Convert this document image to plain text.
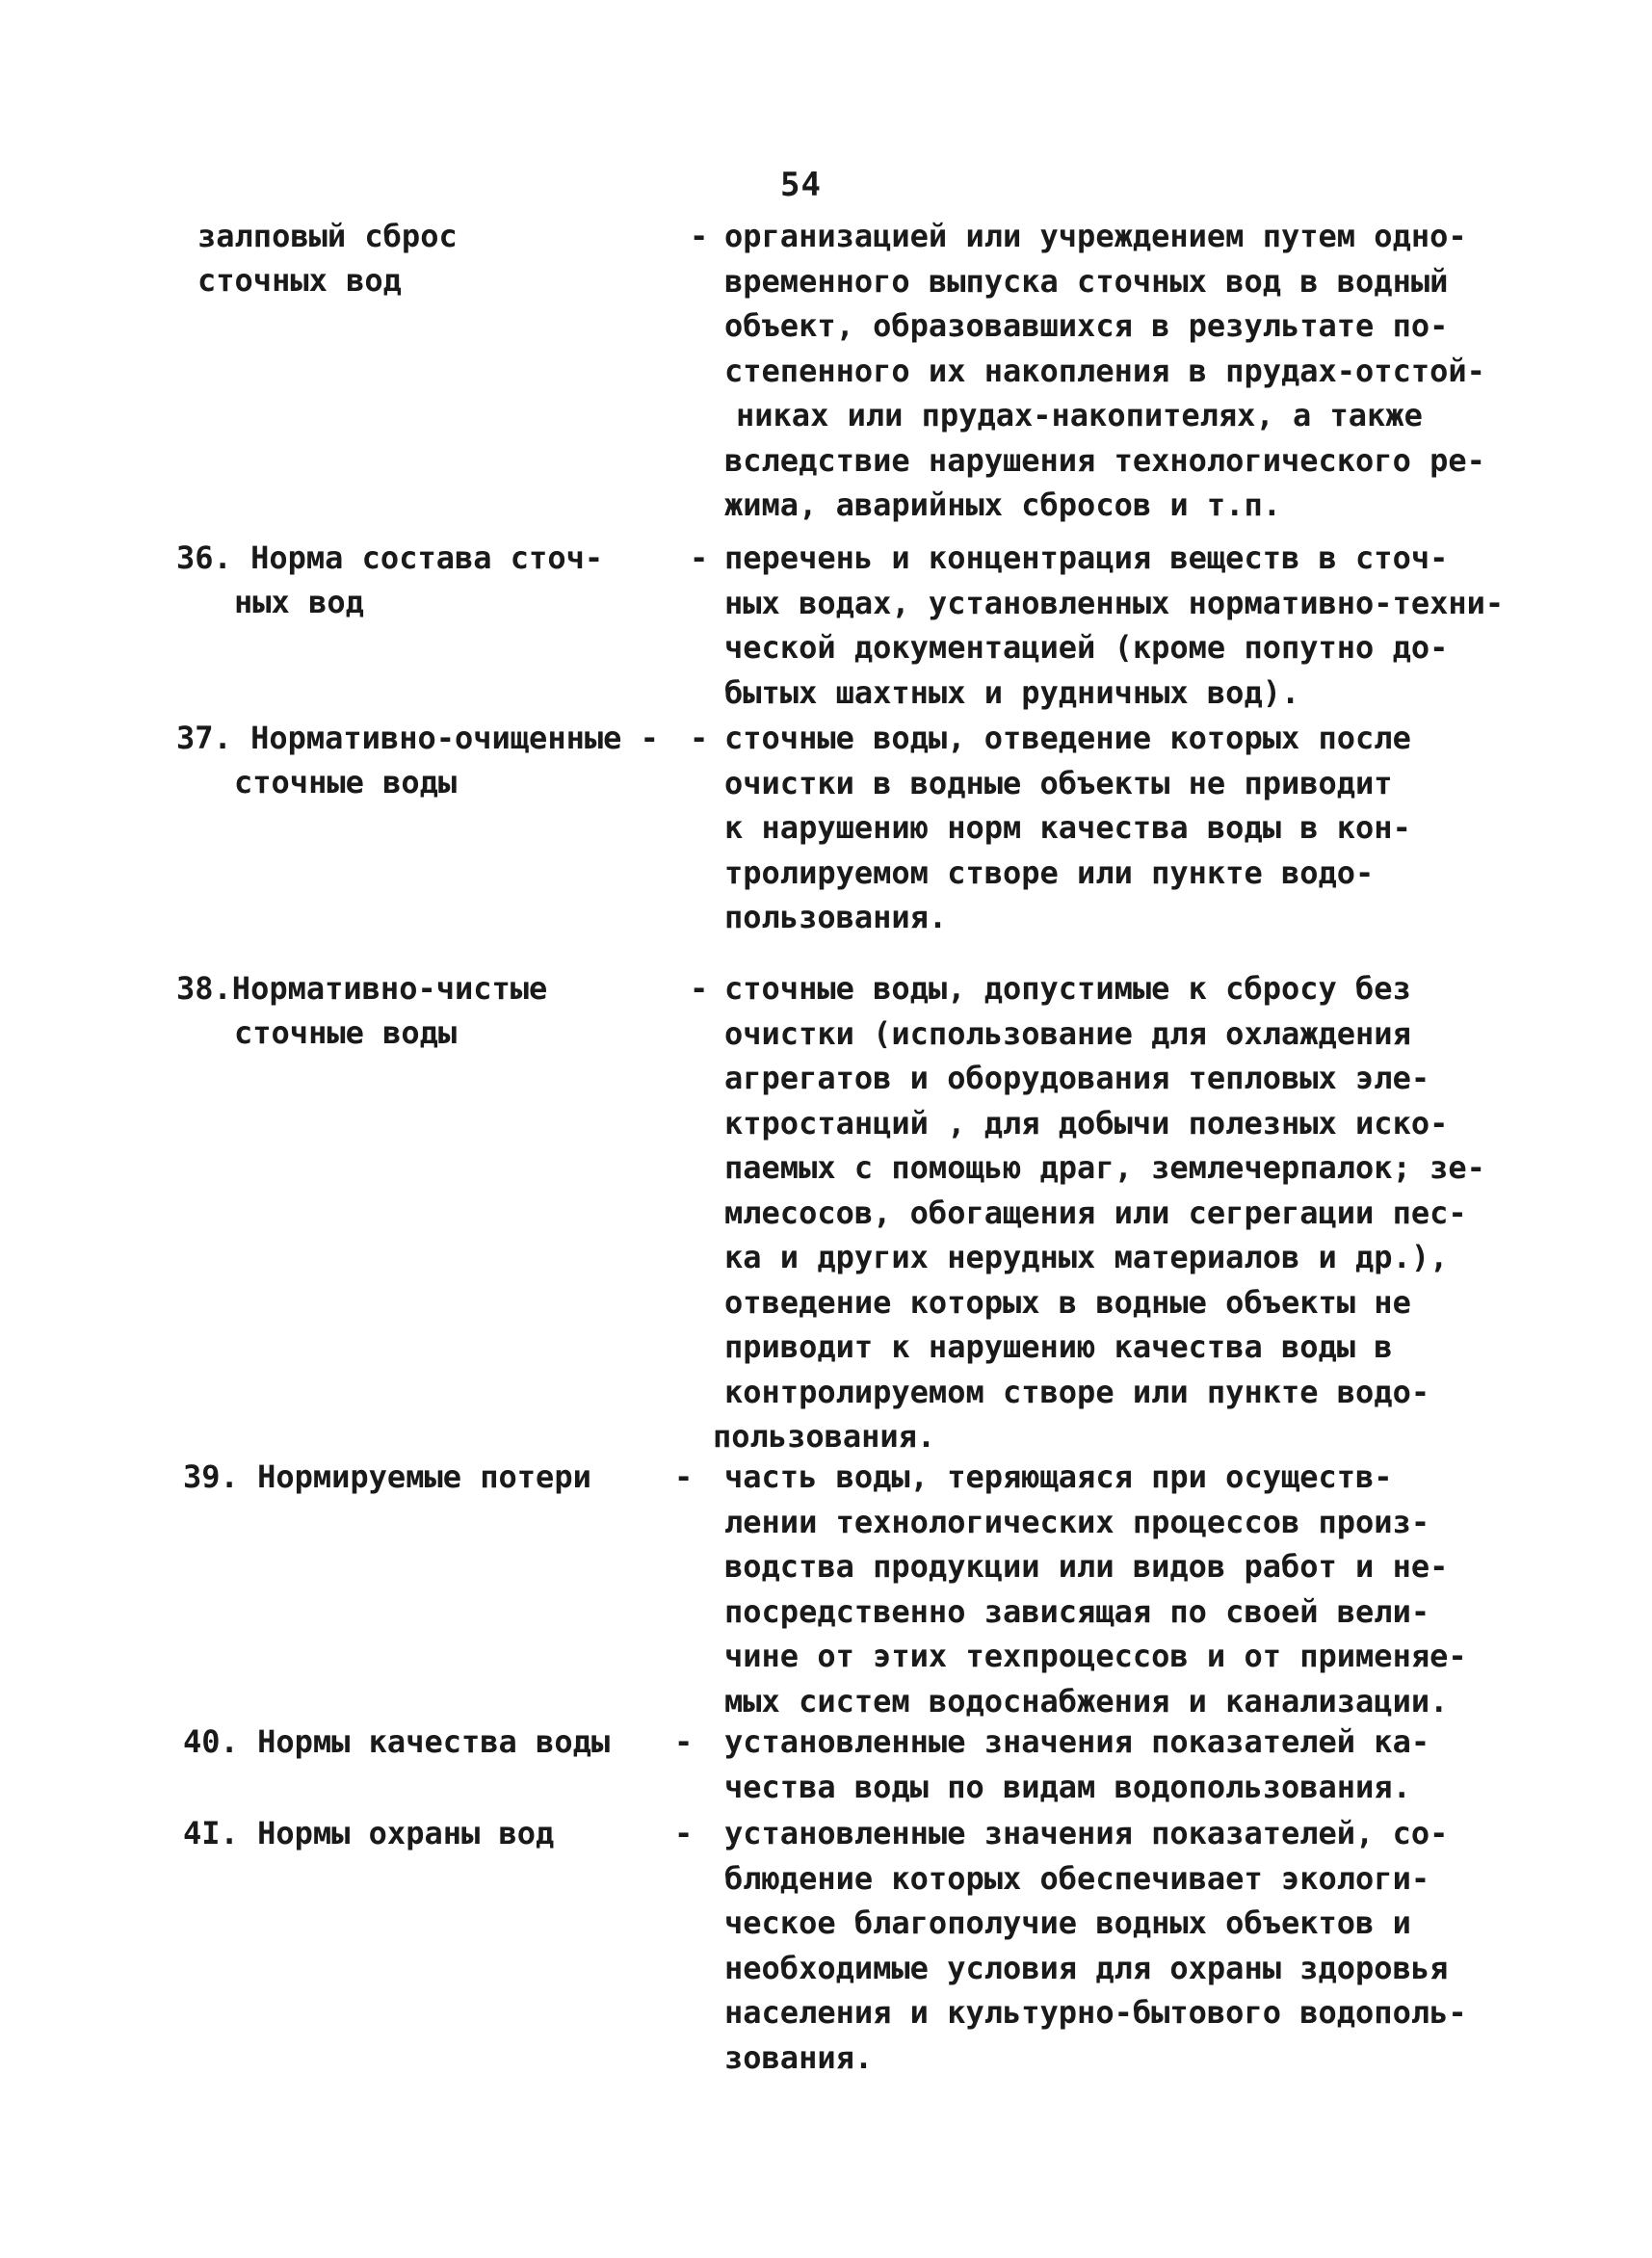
54
залповый сброс
сточных вод
- организацией или учреждением путем одно-
временного выпуска сточных вод в водный
объект, образовавшихся в результате по-
степенного их накопления в прудах-отстой-
никах или прудах-накопителях, а также
вследствие нарушения технологического ре-
жима, аварийных сбросов и т.п.
36. Норма состава сточ-

ных вод
- перечень и концентрация веществ в сточ-
ных водах, установленных нормативно-техни-
ческой документацией (кроме попутно до-
бытых шахтных и рудничных вод).
37. Нормативно-очищенные -

сточные воды
- сточные воды, отведение которых после
очистки в водные объекты не приводит
к нарушению норм качества воды в кон-
тролируемом створе или пункте водо-
пользования.
38.Нормативно-чистые

сточные воды
- сточные воды, допустимые к сбросу без
очистки (использование для охлаждения
агрегатов и оборудования тепловых эле-
ктростанций , для добычи полезных иско-
паемых с помощью драг, землечерпалок; зе-
млесосов, обогащения или сегрегации пес-
ка и других нерудных материалов и др.),
отведение которых в водные объекты не
приводит к нарушению качества воды в
контролируемом створе или пункте водо-
пользования.
39. Нормируемые потери	- часть воды, теряющаяся при осуществ-
лении технологических процессов произ-
водства продукции или видов работ и не-
посредственно зависящая по своей вели-
чине от этих техпроцессов и от применяе-
мых систем водоснабжения и канализации.
40. Нормы качества воды	- установленные значения показателей ка-
чества воды по видам водопользования.
4I. Нормы охраны вод	- установленные значения показателей, со-
блюдение которых обеспечивает экологи-
ческое благополучие водных объектов и
необходимые условия для охраны здоровья
населения и культурно-бытового водополь-
зования.
